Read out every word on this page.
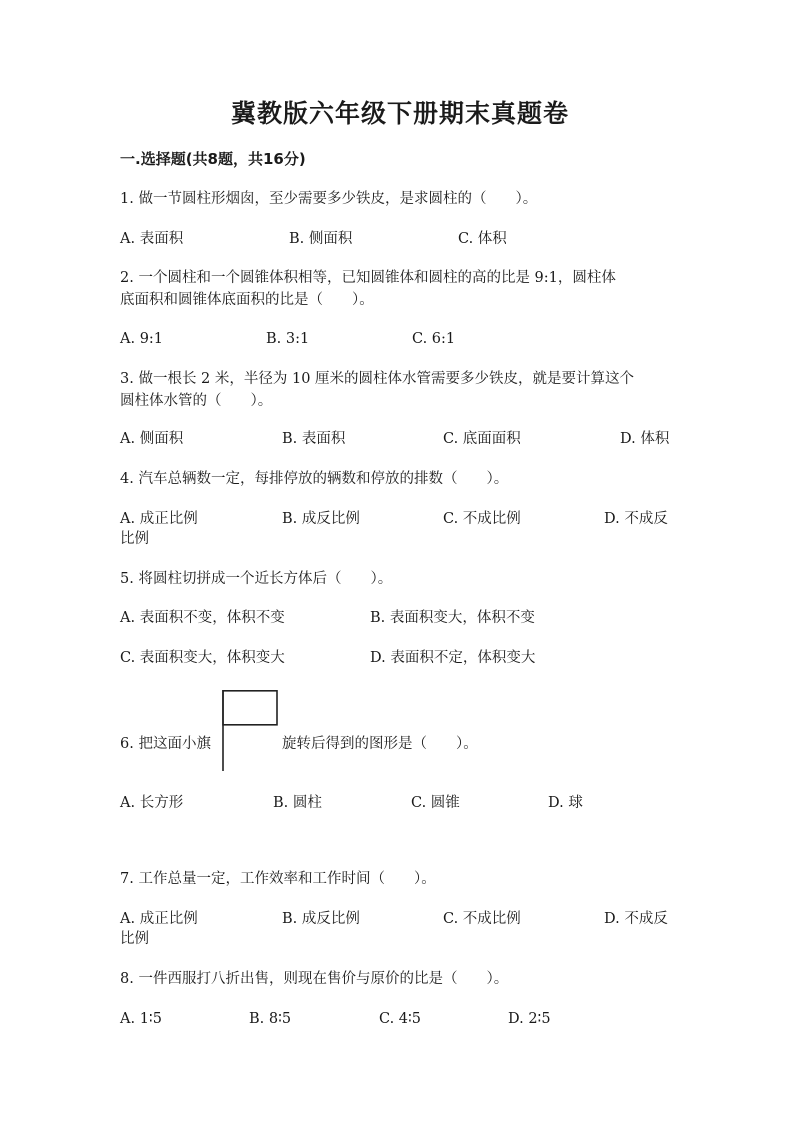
冀教版六年级下册期末真题卷
一.选择题(共8题，共16分)
1. 做一节圆柱形烟囱，至少需要多少铁皮，是求圆柱的（　　）。
A. 表面积	B. 侧面积	C. 体积
2. 一个圆柱和一个圆锥体积相等，已知圆锥体和圆柱的高的比是 9:1，圆柱体
底面积和圆锥体底面积的比是（　　）。
A. 9:1	B. 3:1	C. 6:1
3. 做一根长 2 米，半径为 10 厘米的圆柱体水管需要多少铁皮，就是要计算这个
圆柱体水管的（　　）。
A. 侧面积	B. 表面积	C. 底面面积	D. 体积
4. 汽车总辆数一定，每排停放的辆数和停放的排数（　　）。
A. 成正比例	B. 成反比例	C. 不成比例	D. 不成反
比例
5. 将圆柱切拼成一个近长方体后（　　）。
A. 表面积不变，体积不变	B. 表面积变大，体积不变
C. 表面积变大，体积变大	D. 表面积不定，体积变大
6. 把这面小旗	旋转后得到的图形是（　　）。
A. 长方形	B. 圆柱	C. 圆锥	D. 球
7. 工作总量一定，工作效率和工作时间（　　）。
A. 成正比例	B. 成反比例	C. 不成比例	D. 不成反
比例
8. 一件西服打八折出售，则现在售价与原价的比是（　　）。
A. 1∶5	B. 8∶5	C. 4∶5	D. 2∶5
